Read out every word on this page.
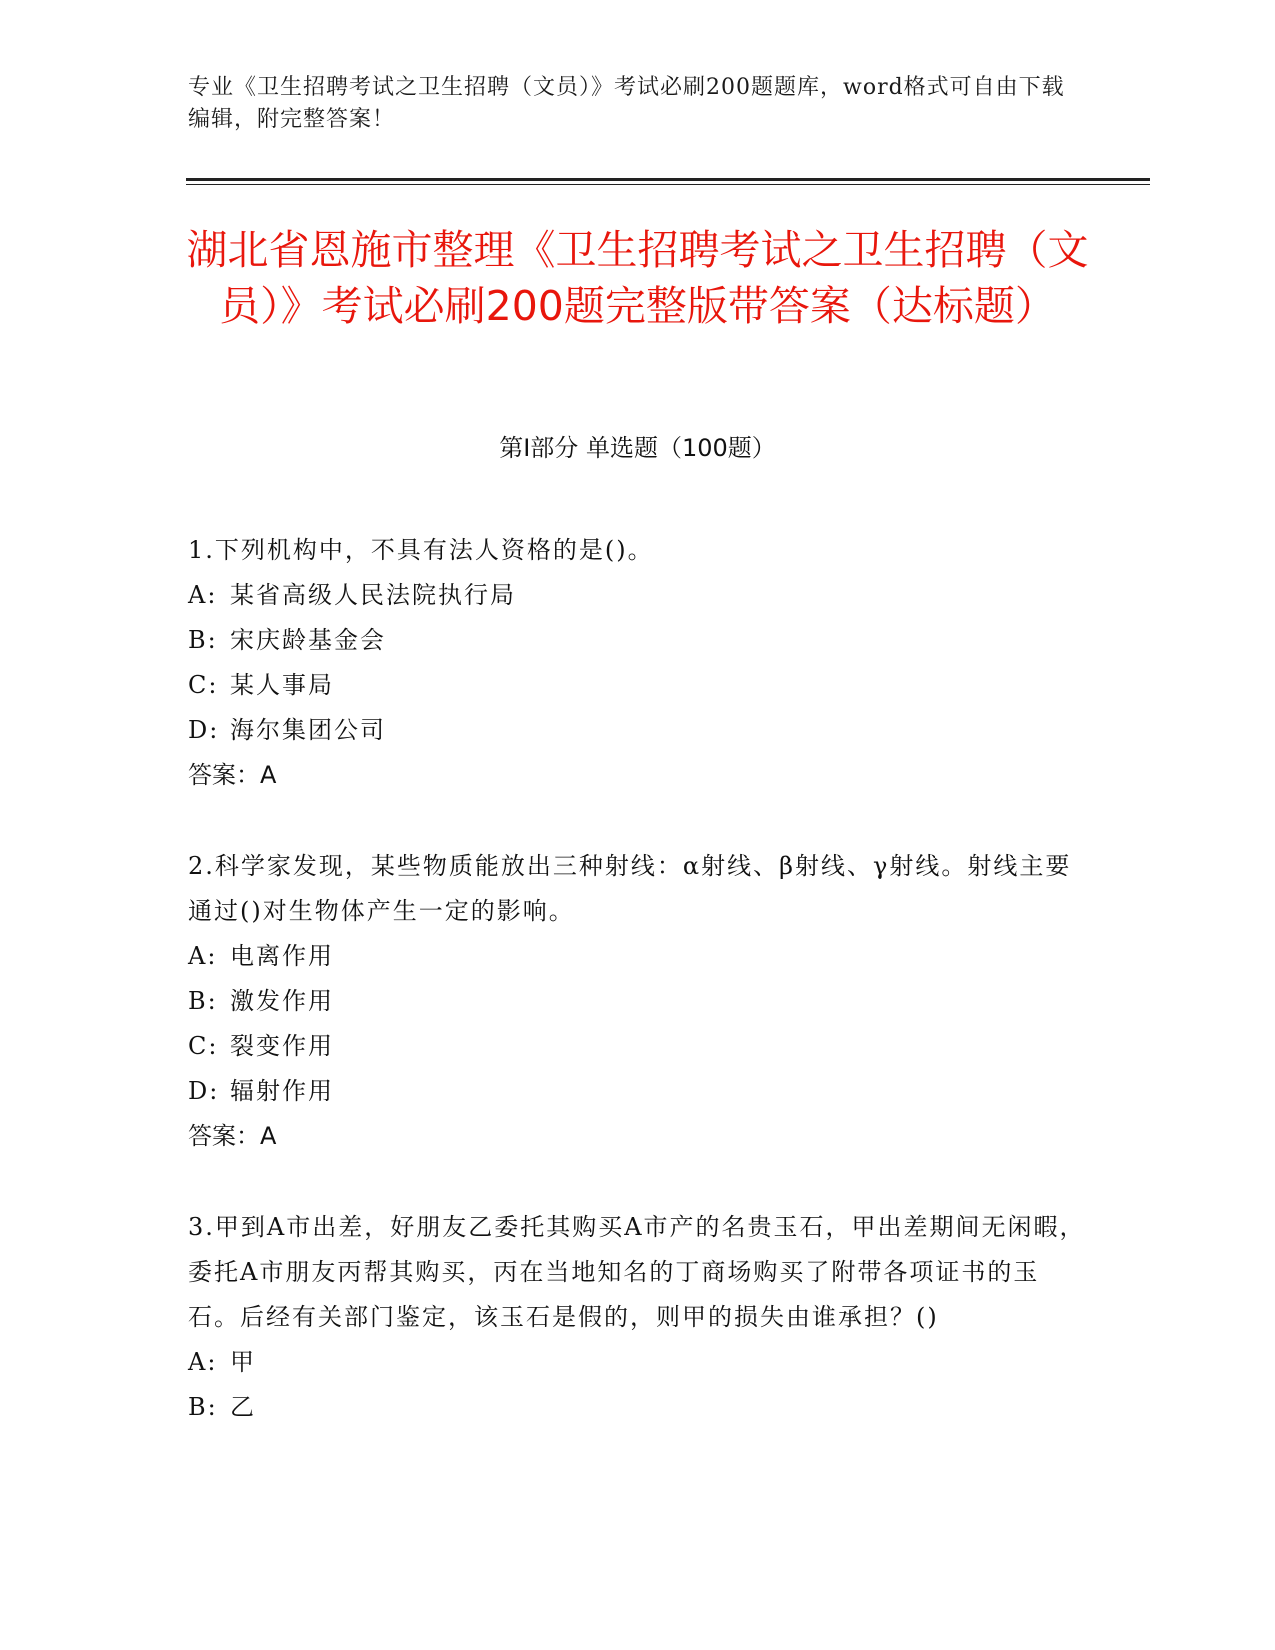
专业《卫生招聘考试之卫生招聘（文员）》考试必刷200题题库，word格式可自由下载编辑，附完整答案！
湖北省恩施市整理《卫生招聘考试之卫生招聘（文员）》考试必刷200题完整版带答案（达标题）
第Ⅰ部分 单选题（100题）

1.下列机构中，不具有法人资格的是()。

A: 某省高级人民法院执行局

B: 宋庆龄基金会

C: 某人事局

D: 海尔集团公司

答案：A

2.科学家发现，某些物质能放出三种射线：α射线、β射线、γ射线。射线主要通过()对生物体产生一定的影响。

A: 电离作用

B: 激发作用

C: 裂变作用

D: 辐射作用

答案：A

3.甲到A市出差，好朋友乙委托其购买A市产的名贵玉石，甲出差期间无闲暇，委托A市朋友丙帮其购买，丙在当地知名的丁商场购买了附带各项证书的玉石。后经有关部门鉴定，该玉石是假的，则甲的损失由谁承担？()

A: 甲

B: 乙
